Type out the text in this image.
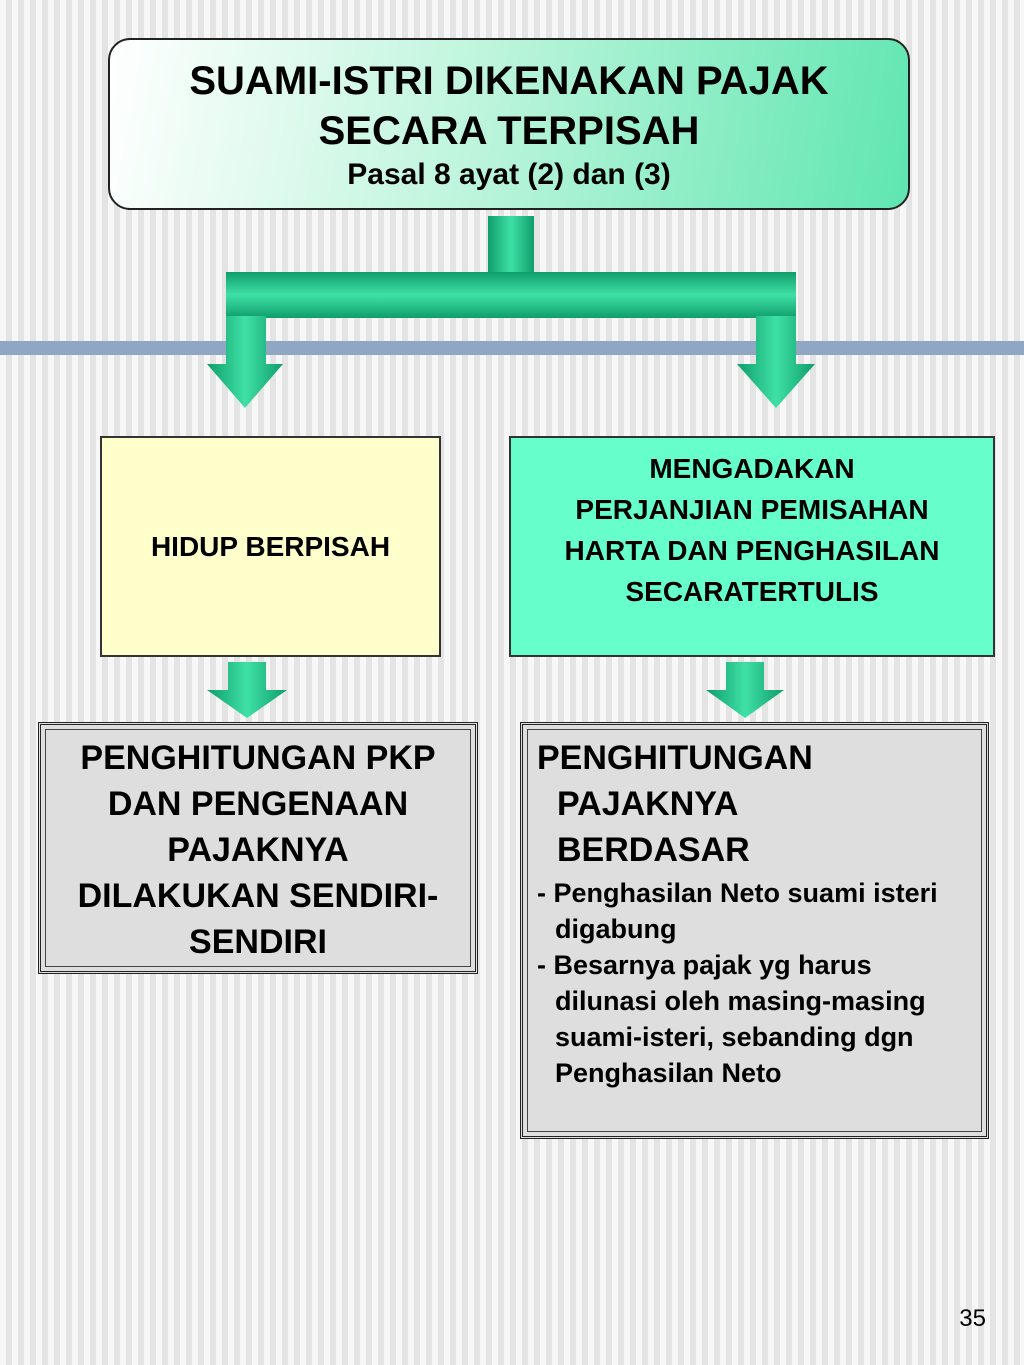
SUAMI-ISTRI DIKENAKAN PAJAK
SECARA TERPISAH
Pasal 8 ayat (2) dan (3)
HIDUP BERPISAH
MENGADAKAN
PERJANJIAN PEMISAHAN
HARTA DAN PENGHASILAN
SECARATERTULIS
PENGHITUNGAN PKP
DAN PENGENAAN
PAJAKNYA
DILAKUKAN SENDIRI-
SENDIRI
PENGHITUNGAN
PAJAKNYA
BERDASAR
- Penghasilan Neto suami isteri digabung
- Besarnya pajak yg harus dilunasi oleh masing-masing suami-isteri, sebanding dgn Penghasilan Neto
35
